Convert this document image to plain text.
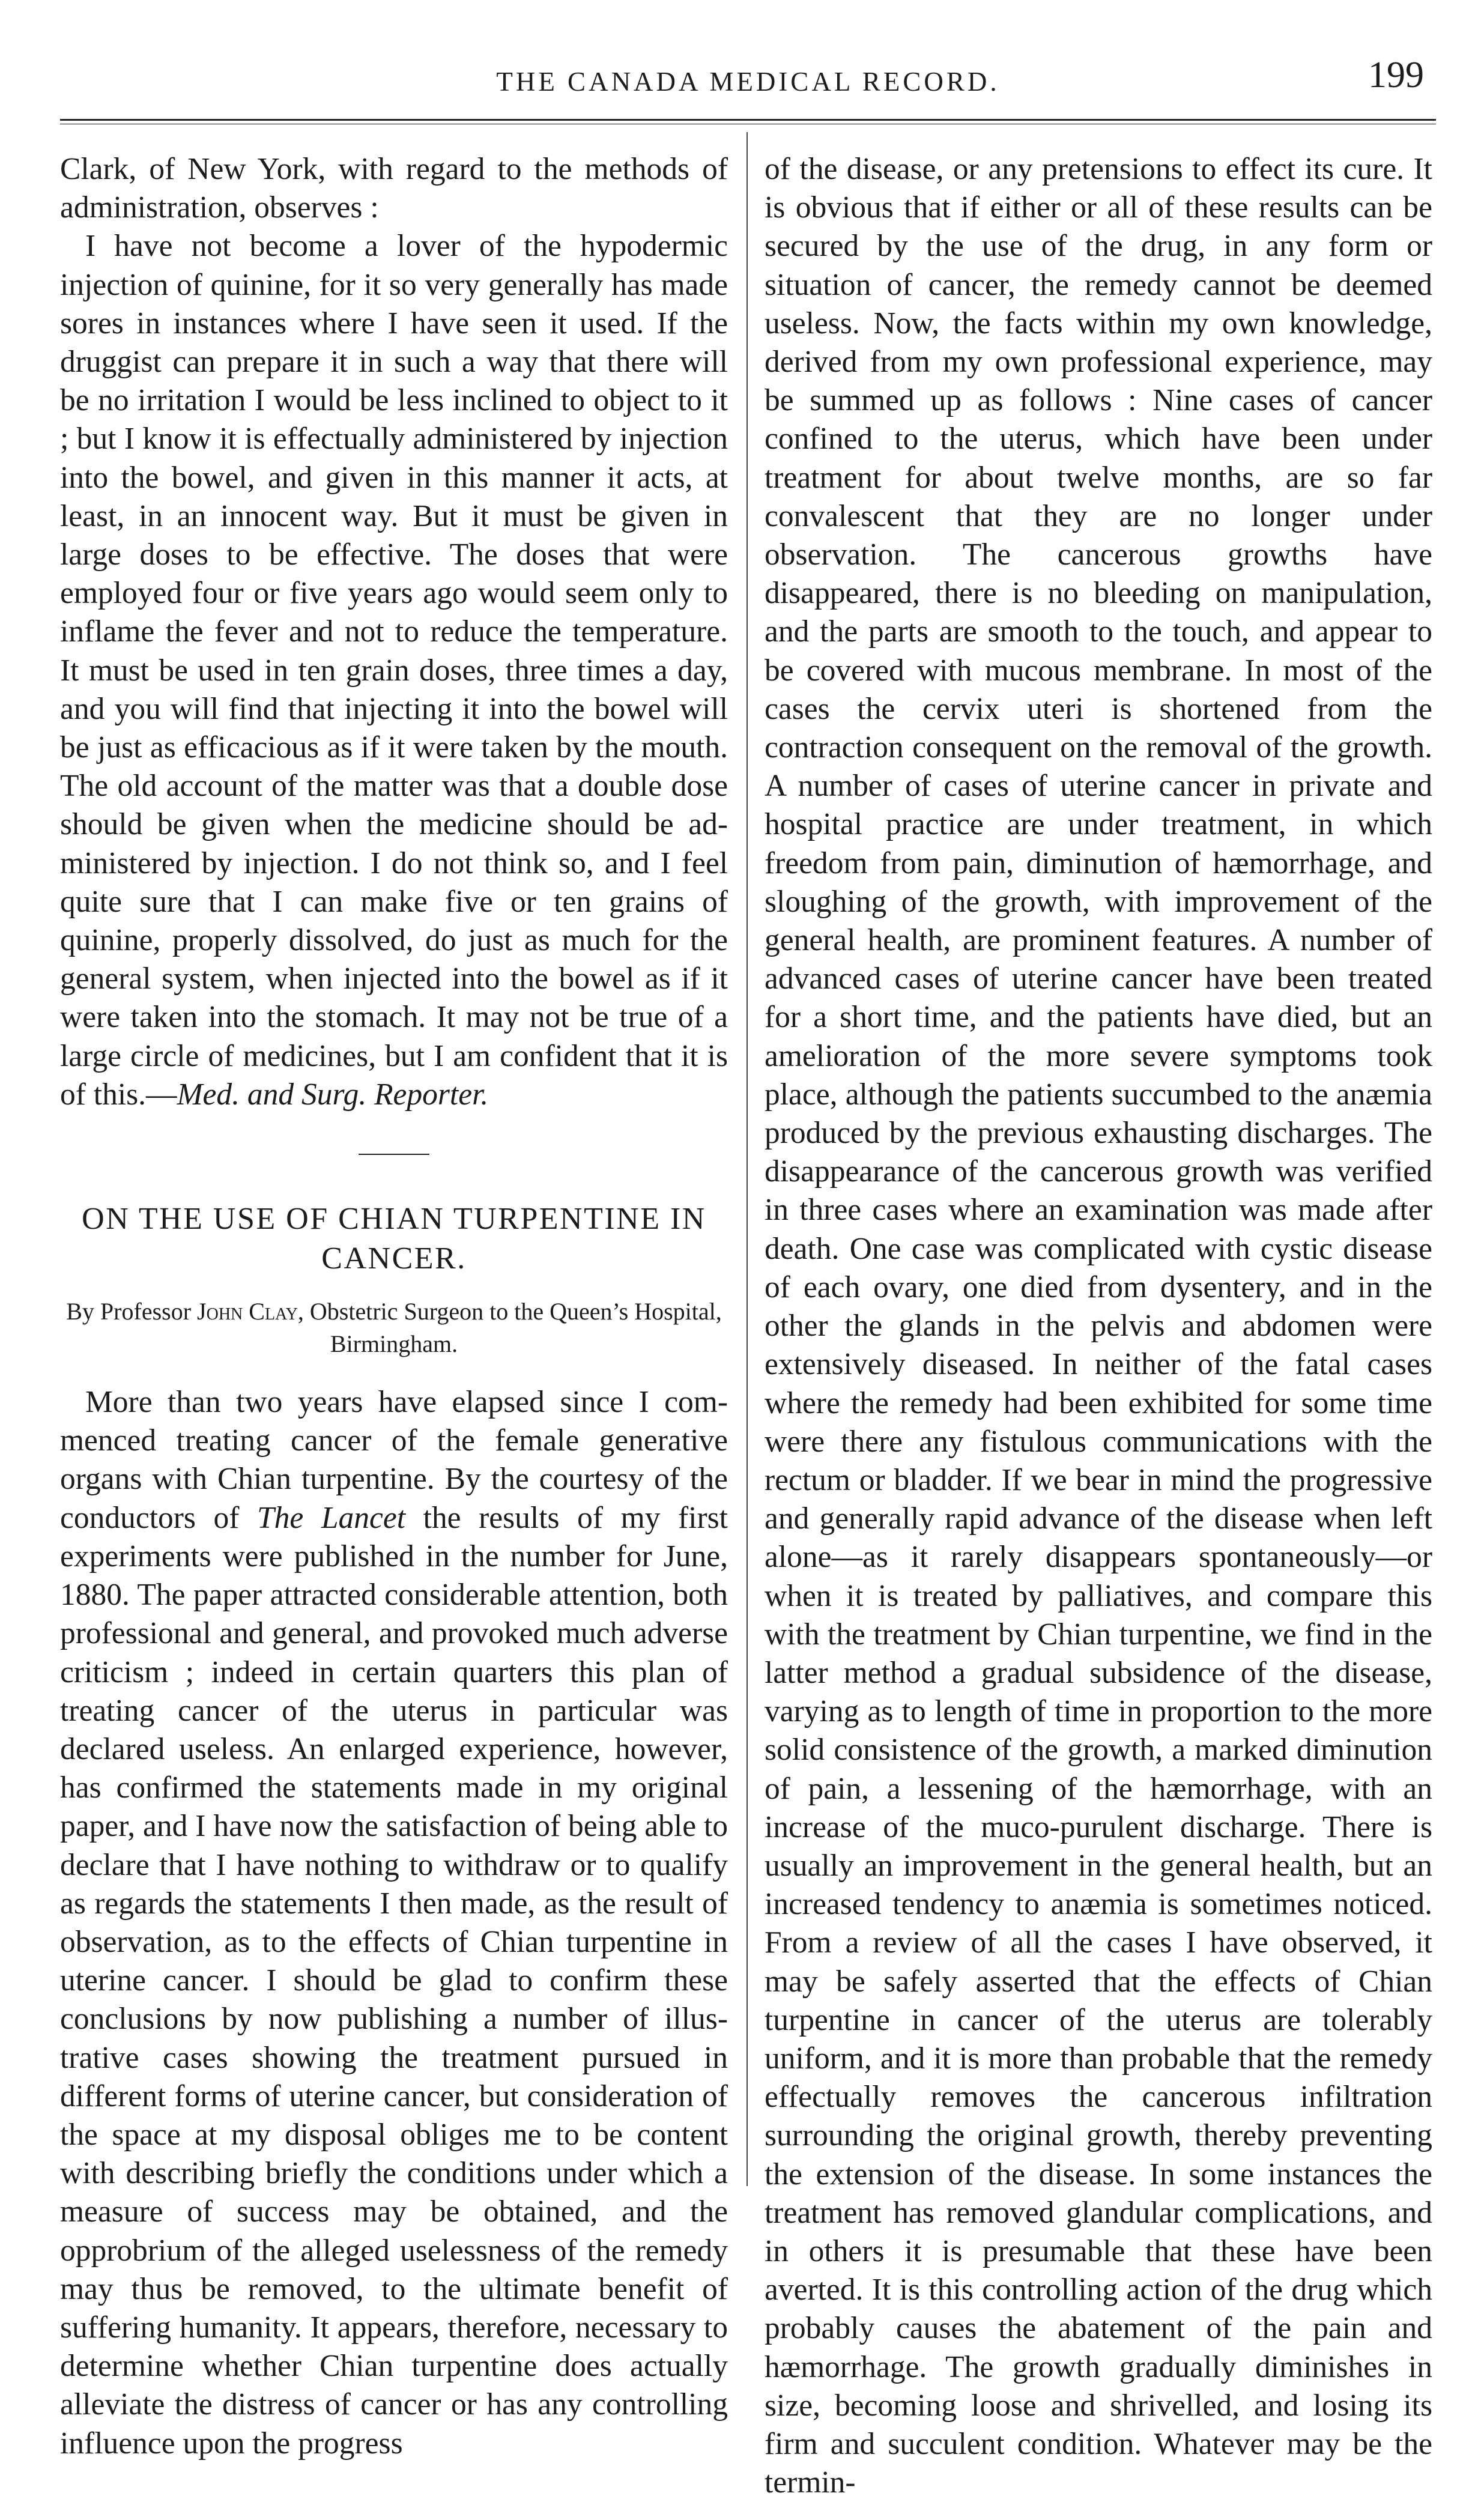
THE CANADA MEDICAL RECORD.	199

Clark, of New York, with regard to the methods of administration, observes :

I have not become a lover of the hypodermic injection of quinine, for it so very generally has made sores in instances where I have seen it used. If the druggist can prepare it in such a way that there will be no irritation I would be less inclined to object to it ; but I know it is effectually administered by injection into the bowel, and given in this manner it acts, at least, in an innocent way. But it must be given in large doses to be effective. The doses that were employed four or five years ago would seem only to inflame the fever and not to reduce the temperature. It must be used in ten grain doses, three times a day, and you will find that injecting it into the bowel will be just as efficacious as if it were taken by the mouth. The old account of the matter was that a double dose should be given when the medicine should be administered by injection. I do not think so, and I feel quite sure that I can make five or ten grains of quinine, properly dissolved, do just as much for the general system, when injected into the bowel as if it were taken into the stomach. It may not be true of a large circle of medicines, but I am confident that it is of this.—Med. and Surg. Reporter.

ON THE USE OF CHIAN TURPENTINE IN CANCER.
By Professor John Clay, Obstetric Surgeon to the Queen’s Hospital, Birmingham.

More than two years have elapsed since I commenced treating cancer of the female generative organs with Chian turpentine. By the courtesy of the conductors of The Lancet the results of my first experiments were published in the number for June, 1880. The paper attracted considerable attention, both professional and general, and provoked much adverse criticism ; indeed in certain quarters this plan of treating cancer of the uterus in particular was declared useless. An enlarged experience, however, has confirmed the statements made in my original paper, and I have now the satisfaction of being able to declare that I have nothing to withdraw or to qualify as regards the statements I then made, as the result of observation, as to the effects of Chian turpentine in uterine cancer. I should be glad to confirm these conclusions by now publishing a number of illustrative cases showing the treatment pursued in different forms of uterine cancer, but consideration of the space at my disposal obliges me to be content with describing briefly the conditions under which a measure of success may be obtained, and the opprobrium of the alleged uselessness of the remedy may thus be removed, to the ultimate benefit of suffering humanity. It appears, therefore, necessary to determine whether Chian turpentine does actually alleviate the distress of cancer or has any controlling influence upon the progress

of the disease, or any pretensions to effect its cure. It is obvious that if either or all of these results can be secured by the use of the drug, in any form or situation of cancer, the remedy cannot be deemed useless. Now, the facts within my own knowledge, derived from my own professional experience, may be summed up as follows : Nine cases of cancer confined to the uterus, which have been under treatment for about twelve months, are so far convalescent that they are no longer under observation. The cancerous growths have disappeared, there is no bleeding on manipulation, and the parts are smooth to the touch, and appear to be covered with mucous membrane. In most of the cases the cervix uteri is shortened from the contraction consequent on the removal of the growth. A number of cases of uterine cancer in private and hospital practice are under treatment, in which freedom from pain, diminution of hæmorrhage, and sloughing of the growth, with improvement of the general health, are prominent features. A number of advanced cases of uterine cancer have been treated for a short time, and the patients have died, but an amelioration of the more severe symptoms took place, although the patients succumbed to the anæmia produced by the previous exhausting discharges. The disappearance of the cancerous growth was verified in three cases where an examination was made after death. One case was complicated with cystic disease of each ovary, one died from dysentery, and in the other the glands in the pelvis and abdomen were extensively diseased. In neither of the fatal cases where the remedy had been exhibited for some time were there any fistulous communications with the rectum or bladder. If we bear in mind the progressive and generally rapid advance of the disease when left alone—as it rarely disappears spontaneously—or when it is treated by palliatives, and compare this with the treatment by Chian turpentine, we find in the latter method a gradual subsidence of the disease, varying as to length of time in proportion to the more solid consistence of the growth, a marked diminution of pain, a lessening of the hæmorrhage, with an increase of the muco-purulent discharge. There is usually an improvement in the general health, but an increased tendency to anæmia is sometimes noticed. From a review of all the cases I have observed, it may be safely asserted that the effects of Chian turpentine in cancer of the uterus are tolerably uniform, and it is more than probable that the remedy effectually removes the cancerous infiltration surrounding the original growth, thereby preventing the extension of the disease. In some instances the treatment has removed glandular complications, and in others it is presumable that these have been averted. It is this controlling action of the drug which probably causes the abatement of the pain and hæmorrhage. The growth gradually diminishes in size, becoming loose and shrivelled, and losing its firm and succulent condition. Whatever may be the termin-
